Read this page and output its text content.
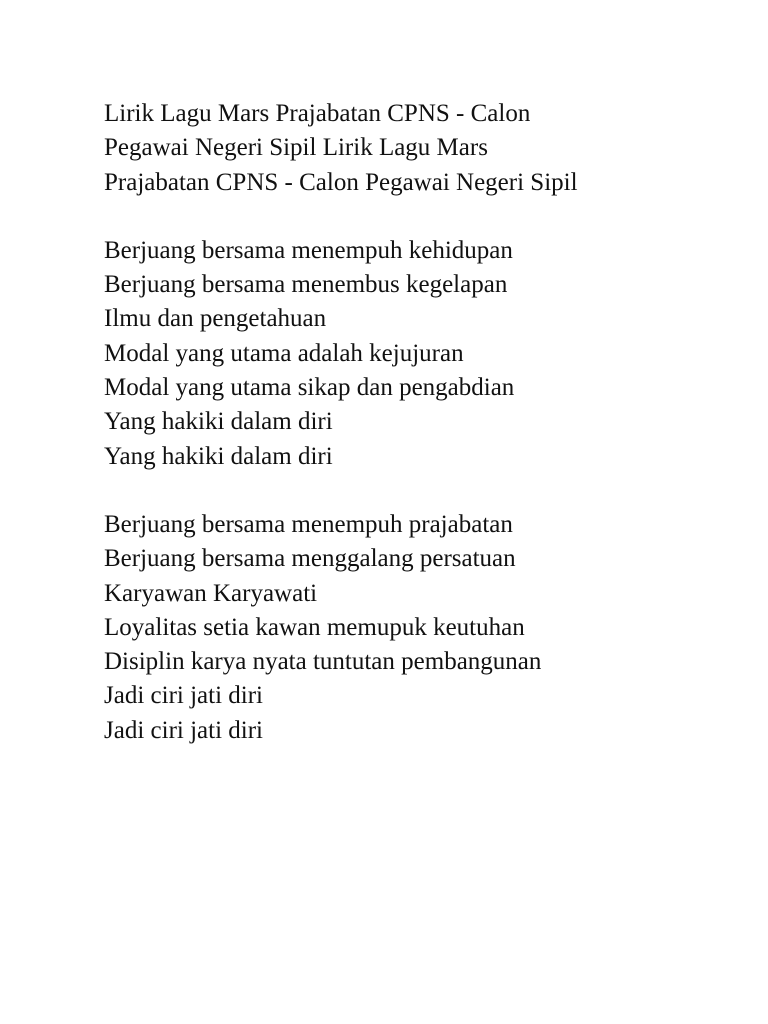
Lirik Lagu Mars Prajabatan CPNS - Calon
Pegawai Negeri Sipil Lirik Lagu Mars
Prajabatan CPNS - Calon Pegawai Negeri Sipil
Berjuang bersama menempuh kehidupan
Berjuang bersama menembus kegelapan
Ilmu dan pengetahuan
Modal yang utama adalah kejujuran
Modal yang utama sikap dan pengabdian
Yang hakiki dalam diri
Yang hakiki dalam diri
Berjuang bersama menempuh prajabatan
Berjuang bersama menggalang persatuan
Karyawan Karyawati
Loyalitas setia kawan memupuk keutuhan
Disiplin karya nyata tuntutan pembangunan
Jadi ciri jati diri
Jadi ciri jati diri
